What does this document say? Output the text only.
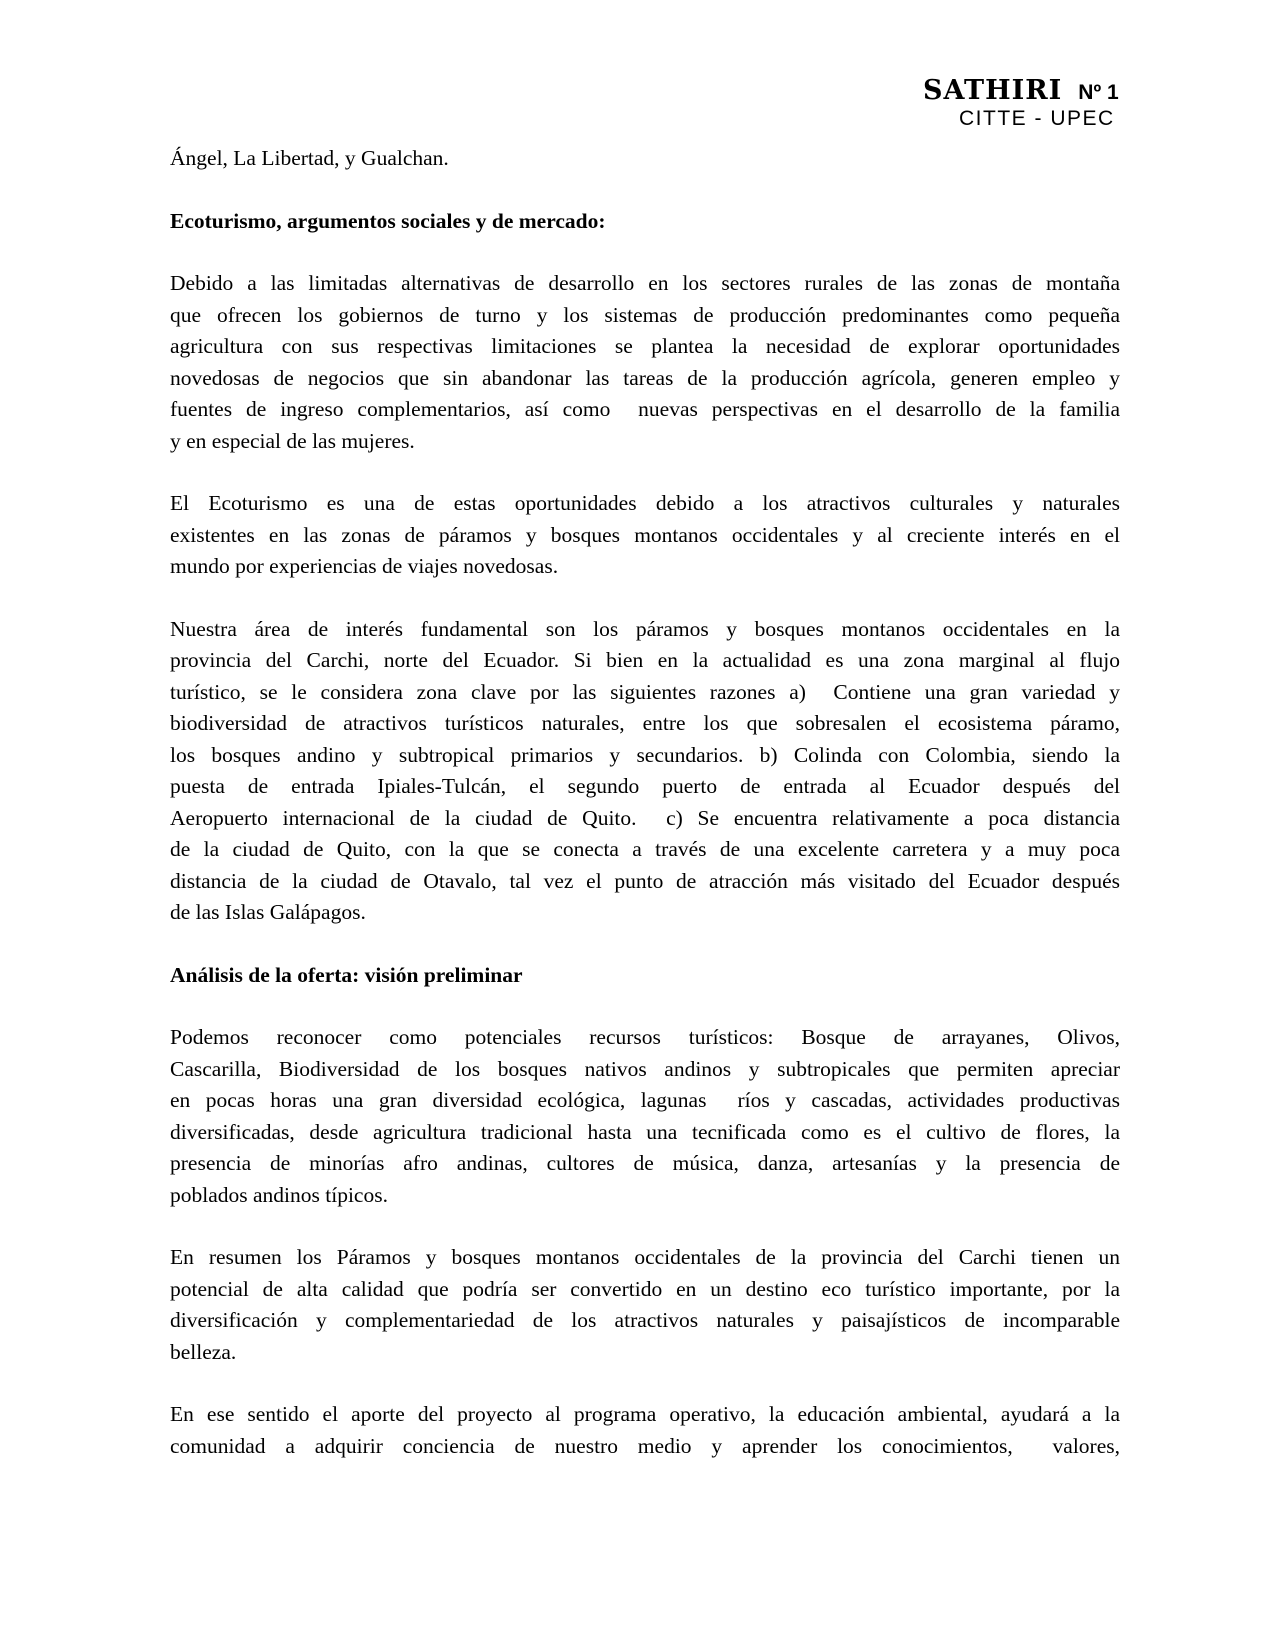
SATHIRI Nº 1
CITTE - UPEC
Ángel, La Libertad, y Gualchan.
Ecoturismo, argumentos sociales y de mercado:
Debido a las limitadas alternativas de desarrollo en los sectores rurales de las zonas de montaña
que ofrecen los gobiernos de turno y los sistemas de producción predominantes como pequeña
agricultura con sus respectivas limitaciones se plantea la necesidad de explorar oportunidades
novedosas de negocios que sin abandonar las tareas de la producción agrícola, generen empleo y
fuentes de ingreso complementarios, así como  nuevas perspectivas en el desarrollo de la familia
y en especial de las mujeres.
El Ecoturismo es una de estas oportunidades debido a los atractivos culturales y naturales
existentes en las zonas de páramos y bosques montanos occidentales y al creciente interés en el
mundo por experiencias de viajes novedosas.
Nuestra área de interés fundamental son los páramos y bosques montanos occidentales en la
provincia del Carchi, norte del Ecuador. Si bien en la actualidad es una zona marginal al flujo
turístico, se le considera zona clave por las siguientes razones a)  Contiene una gran variedad y
biodiversidad de atractivos turísticos naturales, entre los que sobresalen el ecosistema páramo,
los bosques andino y subtropical primarios y secundarios. b) Colinda con Colombia, siendo la
puesta de entrada Ipiales-Tulcán, el segundo puerto de entrada al Ecuador después del
Aeropuerto internacional de la ciudad de Quito.  c) Se encuentra relativamente a poca distancia
de la ciudad de Quito, con la que se conecta a través de una excelente carretera y a muy poca
distancia de la ciudad de Otavalo, tal vez el punto de atracción más visitado del Ecuador después
de las Islas Galápagos.
Análisis de la oferta: visión preliminar
Podemos reconocer como potenciales recursos turísticos: Bosque de arrayanes, Olivos,
Cascarilla, Biodiversidad de los bosques nativos andinos y subtropicales que permiten apreciar
en pocas horas una gran diversidad ecológica, lagunas  ríos y cascadas, actividades productivas
diversificadas, desde agricultura tradicional hasta una tecnificada como es el cultivo de flores, la
presencia de minorías afro andinas, cultores de música, danza, artesanías y la presencia de
poblados andinos típicos.
En resumen los Páramos y bosques montanos occidentales de la provincia del Carchi tienen un
potencial de alta calidad que podría ser convertido en un destino eco turístico importante, por la
diversificación y complementariedad de los atractivos naturales y paisajísticos de incomparable
belleza.
En ese sentido el aporte del proyecto al programa operativo, la educación ambiental, ayudará a la
comunidad a adquirir conciencia de nuestro medio y aprender los conocimientos,  valores,
